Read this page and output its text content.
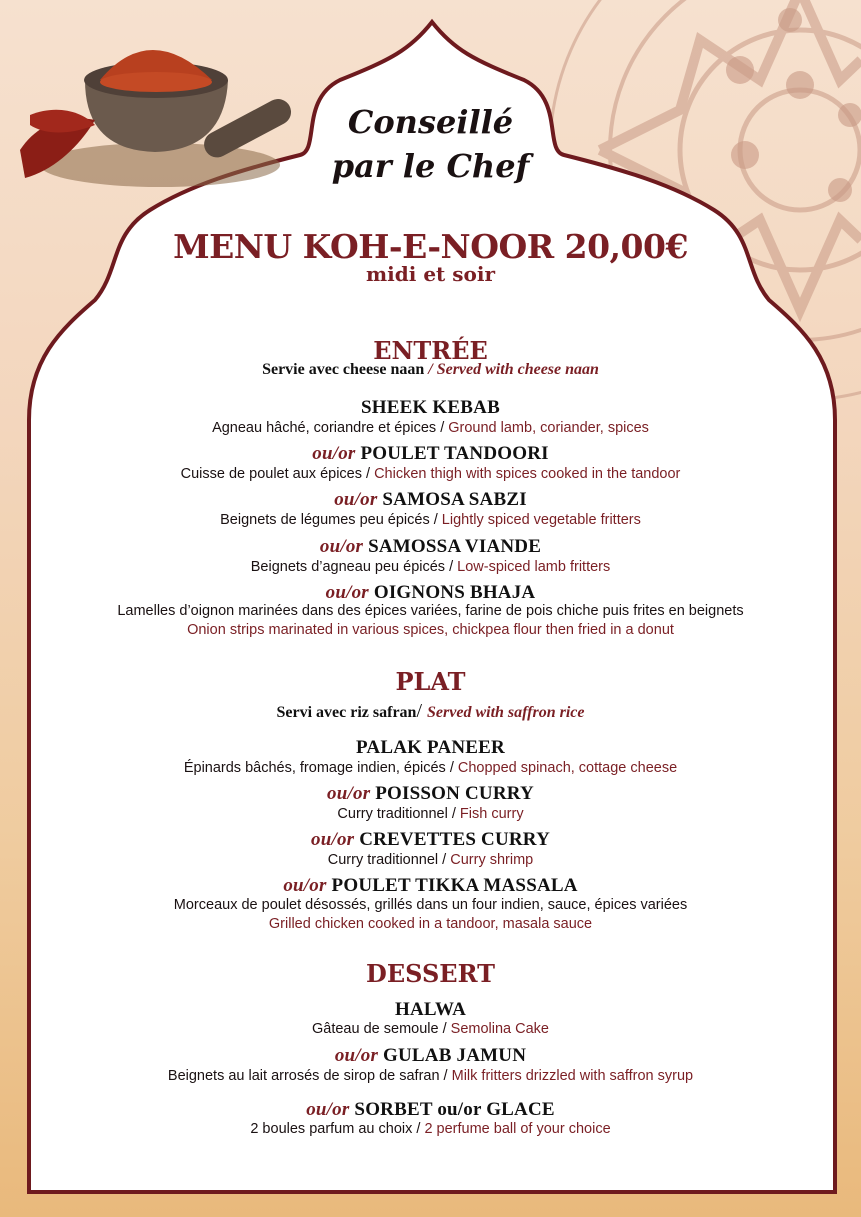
Conseillé
par le Chef
MENU KOH-E-NOOR 20,00€
midi et soir
ENTRÉE
Servie avec cheese naan / Served with cheese naan
SHEEK KEBAB
Agneau hâché, coriandre et épices / Ground lamb, coriander, spices
ou/or POULET TANDOORI
Cuisse de poulet aux épices / Chicken thigh with spices cooked in the tandoor
ou/or SAMOSA SABZI
Beignets de légumes peu épicés / Lightly spiced vegetable fritters
ou/or SAMOSSA VIANDE
Beignets d’agneau peu épicés / Low-spiced lamb fritters
ou/or OIGNONS BHAJA
Lamelles d’oignon marinées dans des épices variées, farine de pois chiche puis frites en beignets
Onion strips marinated in various spices, chickpea flour then fried in a donut
PLAT
Servi avec riz safran/ Served with saffron rice
PALAK PANEER
Épinards bâchés, fromage indien, épicés / Chopped spinach, cottage cheese
ou/or POISSON CURRY
Curry traditionnel / Fish curry
ou/or CREVETTES CURRY
Curry traditionnel / Curry shrimp
ou/or POULET TIKKA MASSALA
Morceaux de poulet désossés, grillés dans un four indien, sauce, épices variées
Grilled chicken cooked in a tandoor, masala sauce
DESSERT
HALWA
Gâteau de semoule / Semolina Cake
ou/or GULAB JAMUN
Beignets au lait arrosés de sirop de safran / Milk fritters drizzled with saffron syrup
ou/or SORBET ou/or GLACE
2 boules parfum au choix / 2 perfume ball of your choice
